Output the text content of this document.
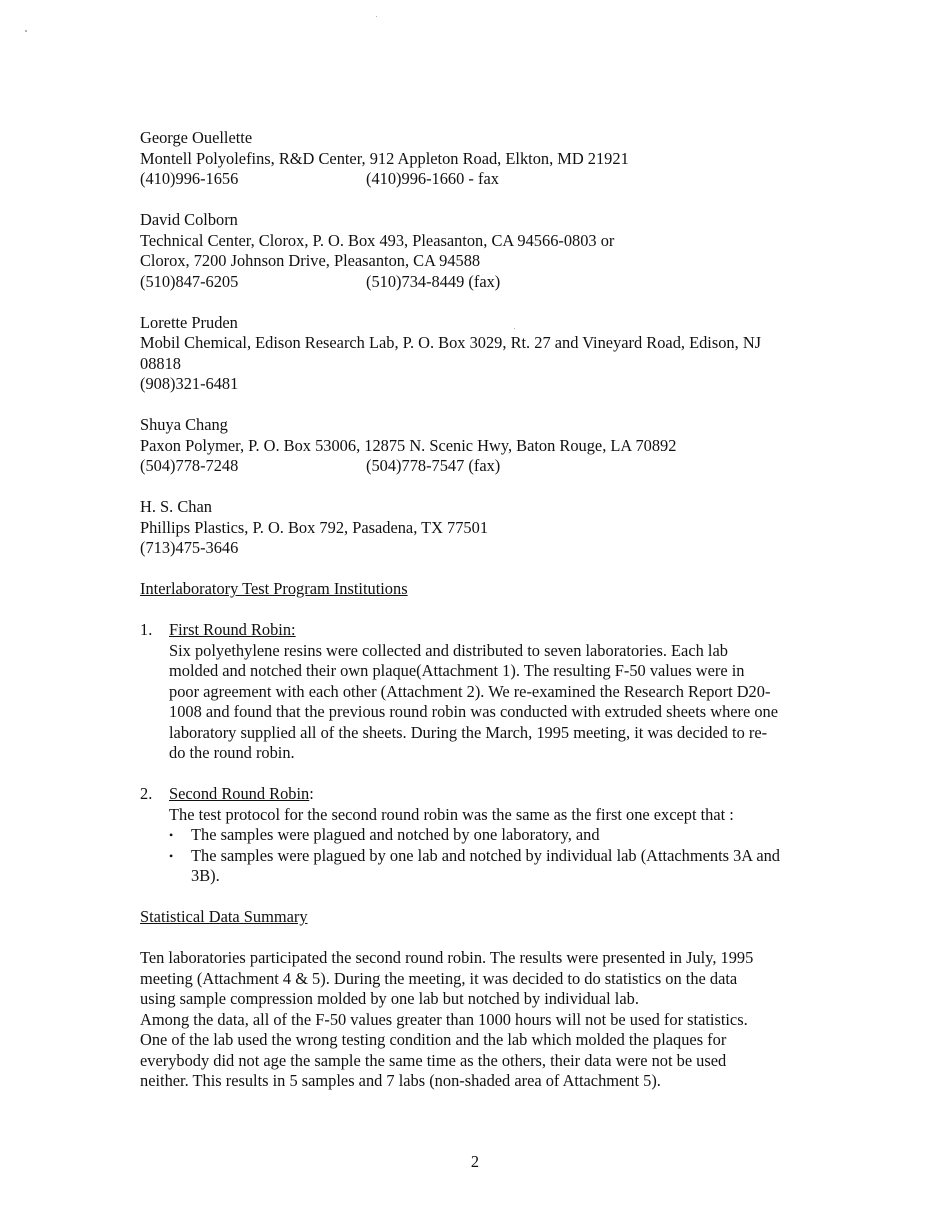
George Ouellette
Montell Polyolefins, R&D Center, 912 Appleton Road, Elkton, MD 21921
(410)996-1656	(410)996-1660 - fax
David Colborn
Technical Center, Clorox, P. O. Box 493, Pleasanton, CA 94566-0803 or
Clorox, 7200 Johnson Drive, Pleasanton, CA 94588
(510)847-6205	(510)734-8449 (fax)
Lorette Pruden
Mobil Chemical, Edison Research Lab, P. O. Box 3029, Rt. 27 and Vineyard Road, Edison, NJ
08818
(908)321-6481
Shuya Chang
Paxon Polymer, P. O. Box 53006, 12875 N. Scenic Hwy, Baton Rouge, LA 70892
(504)778-7248	(504)778-7547 (fax)
H. S. Chan
Phillips Plastics, P. O. Box 792, Pasadena, TX 77501
(713)475-3646
Interlaboratory Test Program Institutions
1. First Round Robin:
Six polyethylene resins were collected and distributed to seven laboratories. Each lab
molded and notched their own plaque(Attachment 1). The resulting F-50 values were in
poor agreement with each other (Attachment 2). We re-examined the Research Report D20-
1008 and found that the previous round robin was conducted with extruded sheets where one
laboratory supplied all of the sheets. During the March, 1995 meeting, it was decided to re-
do the round robin.
2. Second Round Robin:
The test protocol for the second round robin was the same as the first one except that :
• The samples were plagued and notched by one laboratory, and
• The samples were plagued by one lab and notched by individual lab (Attachments 3A and
3B).
Statistical Data Summary
Ten laboratories participated the second round robin. The results were presented in July, 1995
meeting (Attachment 4 & 5). During the meeting, it was decided to do statistics on the data
using sample compression molded by one lab but notched by individual lab.
Among the data, all of the F-50 values greater than 1000 hours will not be used for statistics.
One of the lab used the wrong testing condition and the lab which molded the plaques for
everybody did not age the sample the same time as the others, their data were not be used
neither. This results in 5 samples and 7 labs (non-shaded area of Attachment 5).
2
